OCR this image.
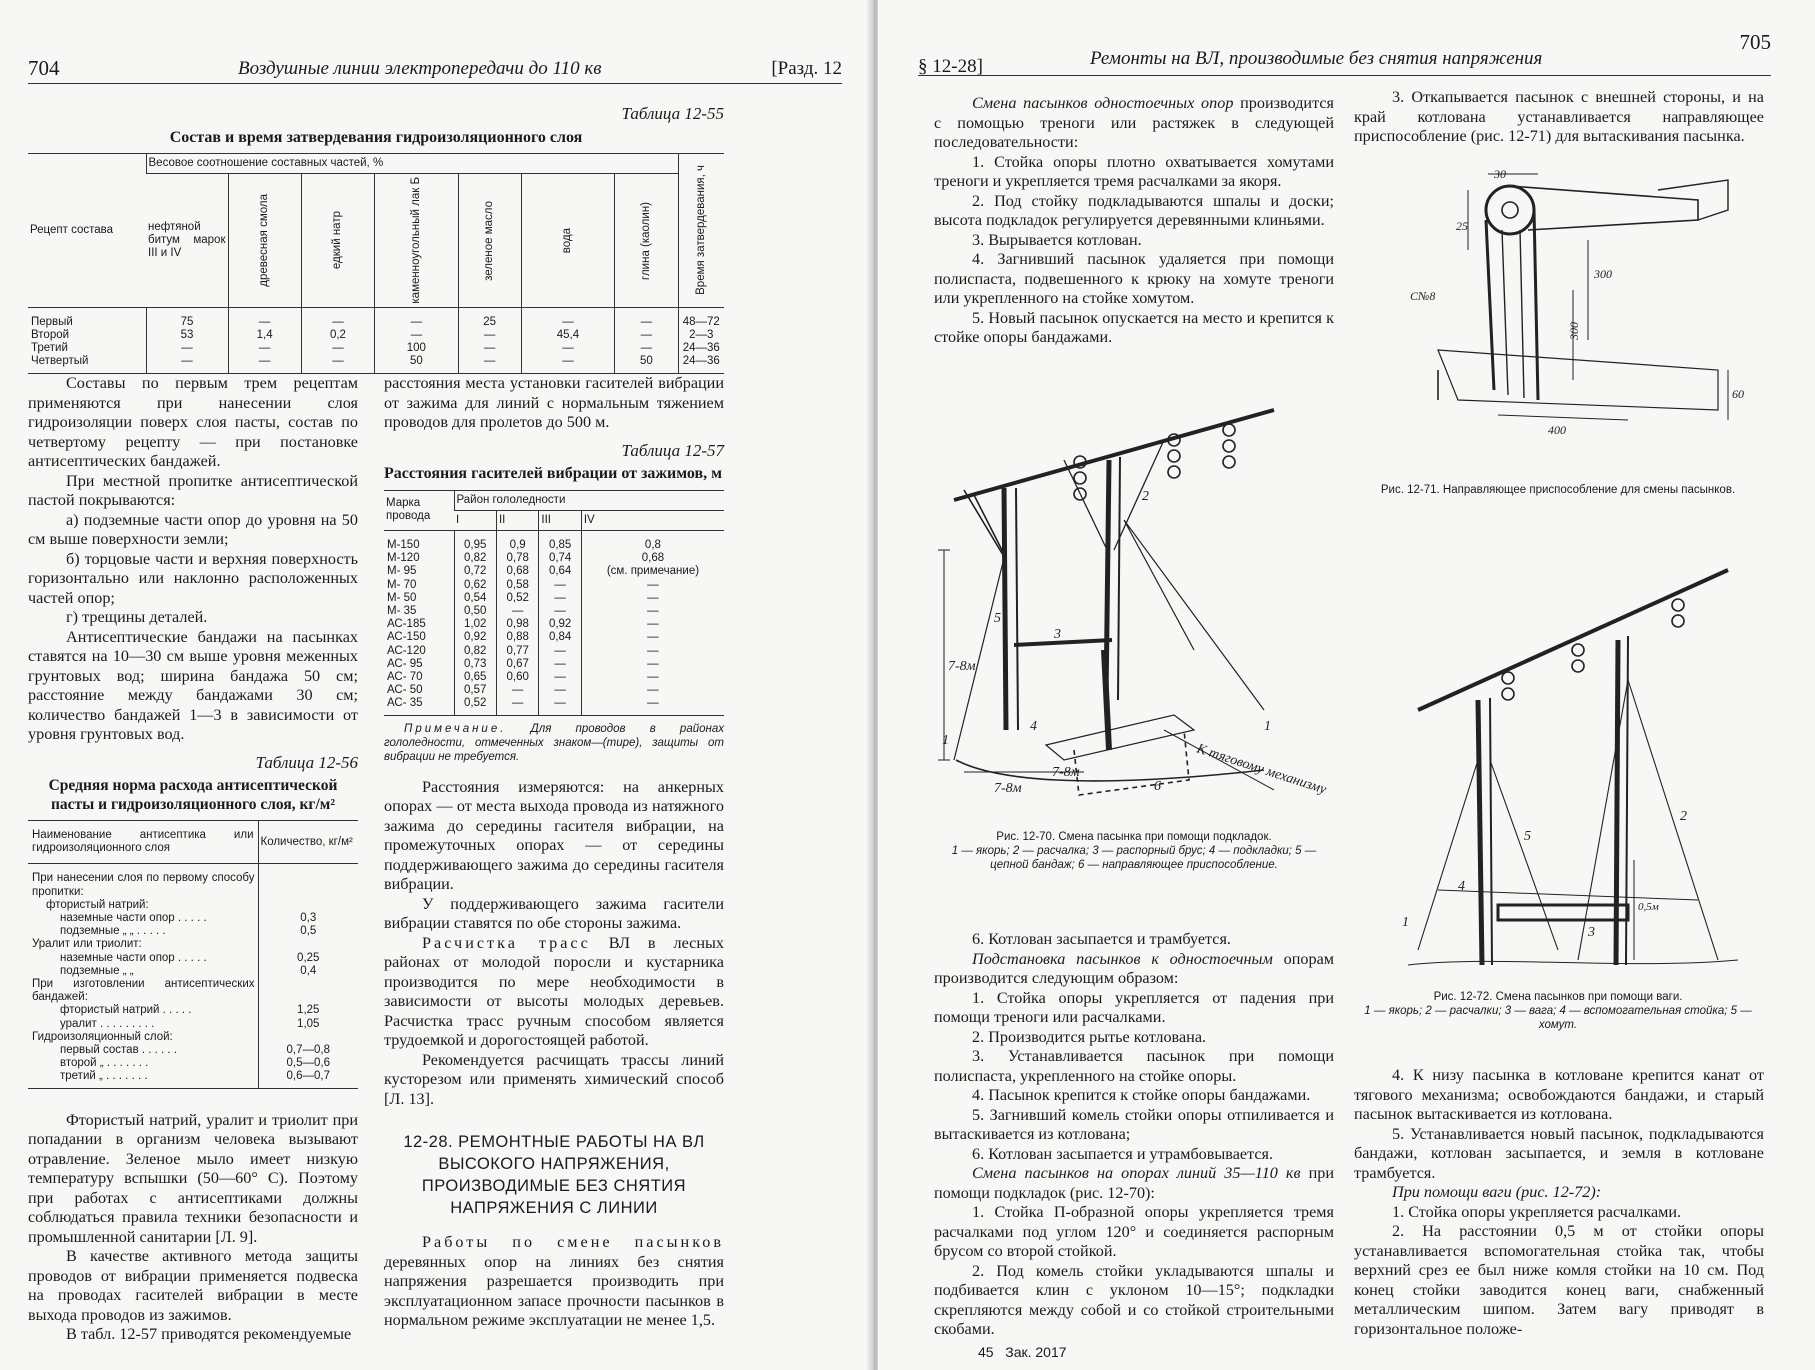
704	Воздушные линии электропередачи до 110 кв	[Разд. 12
Таблица 12-55
Состав и время затвердевания гидроизоляционного слоя
Рецепт состава	Весовое соотношение составных частей, %							Время затвердевания, ч

	нефтяной битум марок III и IV	древесная смола	едкий натр	каменноугольный лак Б	зеленое масло	вода	глина (каолин)	

Первый	75	—	—	—	25	—	—	48—72
Второй	53	1,4	0,2	—	—	45,4	—	2—3
Третий	—	—	—	100	—	—	—	24—36
Четвертый	—	—	—	50	—	—	50	24—36

Составы по первым трем рецептам применяются при нанесении слоя гидроизоляции поверх слоя пасты, состав по четвертому рецепту — при постановке антисептических бандажей.

При местной пропитке антисептической пастой покрываются:

а) подземные части опор до уровня на 50 см выше поверхности земли;

б) торцовые части и верхняя поверхность горизонтально или наклонно расположенных частей опор;

г) трещины деталей.

Антисептические бандажи на пасынках ставятся на 10—30 см выше уровня меженных грунтовых вод; ширина бандажа 50 см; расстояние между бандажами 30 см; количество бандажей 1—3 в зависимости от уровня грунтовых вод.

Таблица 12-56
Средняя норма расхода антисептической пасты и гидроизоляционного слоя, кг/м²
Наименование антисептика или гидроизоляционного слоя	Количество, кг/м²
При нанесении слоя по первому способу пропитки:	
фтористый натрий:	
наземные части опор . . . . .	0,3
подземные „ „ . . . . .	0,5
Уралит или триолит:	
наземные части опор . . . . .	0,25
подземные „ „	0,4
При изготовлении антисептических бандажей:	
фтористый натрий . . . . .	1,25
уралит . . . . . . . . .	1,05
Гидроизоляционный слой:	
первый состав . . . . . .	0,7—0,8
второй „ . . . . . . .	0,5—0,6
третий „ . . . . . . .	0,6—0,7

Фтористый натрий, уралит и триолит при попадании в организм человека вызывают отравление. Зеленое мыло имеет низкую температуру вспышки (50—60° С). Поэтому при работах с антисептиками должны соблюдаться правила техники безопасности и промышленной санитарии [Л. 9].

В качестве активного метода защиты проводов от вибрации применяется подвеска на проводах гасителей вибрации в месте выхода проводов из зажимов.

В табл. 12-57 приводятся рекомендуемые

расстояния места установки гасителей вибрации от зажима для линий с нормальным тяжением проводов для пролетов до 500 м.

Таблица 12-57
Расстояния гасителей вибрации от зажимов, м
Марка провода	Район гололедности			
	I	II	III	IV
М-150	0,95	0,9	0,85	0,8
М-120	0,82	0,78	0,74	0,68
М- 95	0,72	0,68	0,64	(см. примечание)
М- 70	0,62	0,58	—	—
М- 50	0,54	0,52	—	—
М- 35	0,50	—	—	—
АС-185	1,02	0,98	0,92	—
АС-150	0,92	0,88	0,84	—
АС-120	0,82	0,77	—	—
АС- 95	0,73	0,67	—	—
АС- 70	0,65	0,60	—	—
АС- 50	0,57	—	—	—
АС- 35	0,52	—	—	—
Примечание. Для проводов в районах гололедности, отмеченных знаком—(тире), защиты от вибрации не требуется.

Расстояния измеряются: на анкерных опорах — от места выхода провода из натяжного зажима до середины гасителя вибрации, на промежуточных опорах — от середины поддерживающего зажима до середины гасителя вибрации.

У поддерживающего зажима гасители вибрации ставятся по обе стороны зажима.

Расчистка трасс ВЛ в лесных районах от молодой поросли и кустарника производится по мере необходимости в зависимости от высоты молодых деревьев. Расчистка трасс ручным способом является трудоемкой и дорогостоящей работой.

Рекомендуется расчищать трассы линий кусторезом или применять химический способ [Л. 13].

12-28. РЕМОНТНЫЕ РАБОТЫ НА ВЛ ВЫСОКОГО НАПРЯЖЕНИЯ, ПРОИЗВОДИМЫЕ БЕЗ СНЯТИЯ НАПРЯЖЕНИЯ С ЛИНИИ

Работы по смене пасынков деревянных опор на линиях без снятия напряжения разрешается производить при эксплуатационном запасе прочности пасынков в нормальном режиме эксплуатации не менее 1,5.

§ 12-28]	Ремонты на ВЛ, производимые без снятия напряжения
705

Смена пасынков одностоечных опор производится с помощью треноги или растяжек в следующей последовательности:

1. Стойка опоры плотно охватывается хомутами треноги и укрепляется тремя расчалками за якоря.

2. Под стойку подкладываются шпалы и доски; высота подкладок регулируется деревянными клиньями.

3. Вырывается котлован.

4. Загнивший пасынок удаляется при помощи полиспаста, подвешенного к крюку на хомуте треноги или укрепленного на стойке хомутом.

5. Новый пасынок опускается на место и крепится к стойке опоры бандажами.

7-8м
7-8м
7-8м	К тяговому механизму
1
2
3
4
5
6
1
Рис. 12-70. Смена пасынка при помощи подкладок.
1 — якорь; 2 — расчалка; 3 — распорный брус; 4 — подкладки; 5 — цепной бандаж; 6 — направляющее приспособление.

6. Котлован засыпается и трамбуется.

Подстановка пасынков к одностоечным опорам производится следующим образом:

1. Стойка опоры укрепляется от падения при помощи треноги или расчалками.

2. Производится рытье котлована.

3. Устанавливается пасынок при помощи полиспаста, укрепленного на стойке опоры.

4. Пасынок крепится к стойке опоры бандажами.

5. Загнивший комель стойки опоры отпиливается и вытаскивается из котлована;

6. Котлован засыпается и утрамбовывается.

Смена пасынков на опорах линий 35—110 кв при помощи подкладок (рис. 12-70):

1. Стойка П-образной опоры укрепляется тремя расчалками под углом 120° и соединяется распорным брусом со второй стойкой.

2. Под комель стойки укладываются шпалы и подбивается клин с уклоном 10—15°; подкладки скрепляются между собой и со стойкой строительными скобами.

3. Откапывается пасынок с внешней стороны, и на край котлована устанавливается направляющее приспособление (рис. 12-71) для вытаскивания пасынка.

30
25
300
300
60
400
С№8
Рис. 12-71. Направляющее приспособление для смены пасынков.
1
2
3
4
5
0,5м
Рис. 12-72. Смена пасынков при помощи ваги.
1 — якорь; 2 — расчалки; 3 — вага; 4 — вспомогательная стойка; 5 — хомут.

4. К низу пасынка в котловане крепится канат от тягового механизма; освобождаются бандажи, и старый пасынок вытаскивается из котлована.

5. Устанавливается новый пасынок, подкладываются бандажи, котлован засыпается, и земля в котловане трамбуется.

При помощи ваги (рис. 12-72):

1. Стойка опоры укрепляется расчалками.

2. На расстоянии 0,5 м от стойки опоры устанавливается вспомогательная стойка так, чтобы верхний срез ее был ниже комля стойки на 10 см. Под конец стойки заводится конец ваги, снабженный металлическим шипом. Затем вагу приводят в горизонтальное положе-

45 Зак. 2017
